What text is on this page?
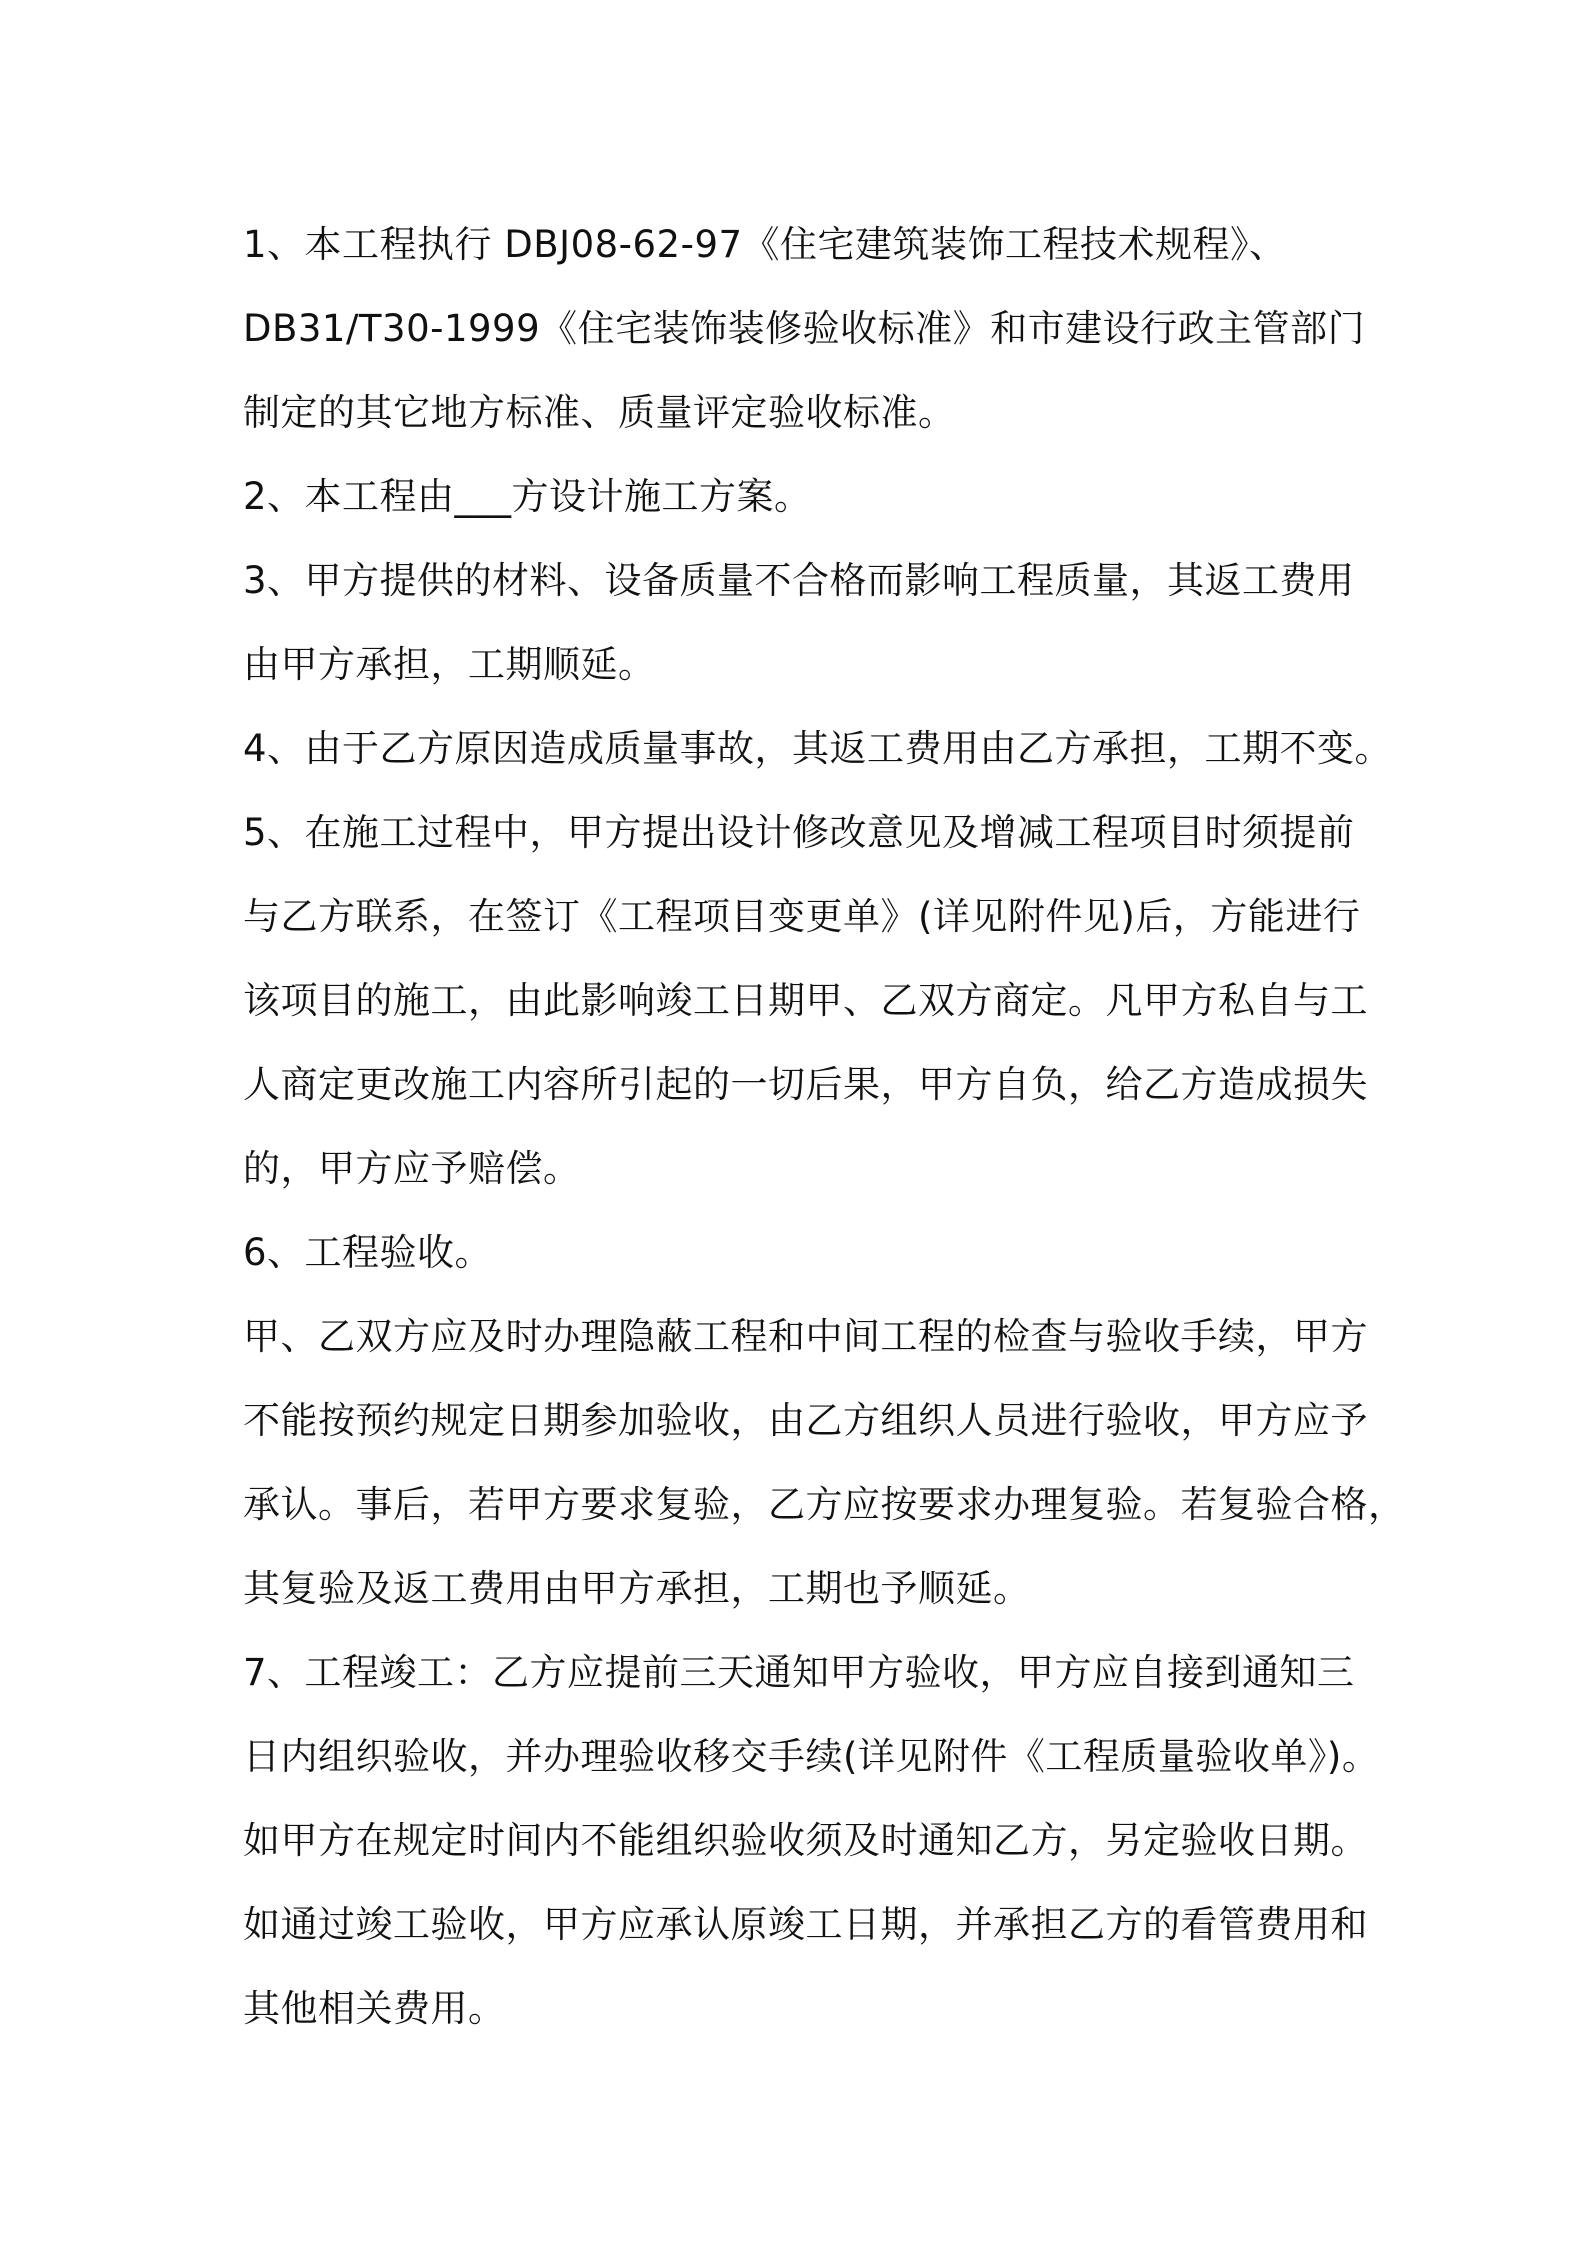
1、本工程执行 DBJ08-62-97《住宅建筑装饰工程技术规程》、
DB31/T30-1999《住宅装饰装修验收标准》和市建设行政主管部门
制定的其它地方标准、质量评定验收标准。
2、本工程由___方设计施工方案。
3、甲方提供的材料、设备质量不合格而影响工程质量，其返工费用
由甲方承担，工期顺延。
4、由于乙方原因造成质量事故，其返工费用由乙方承担，工期不变。
5、在施工过程中，甲方提出设计修改意见及增减工程项目时须提前
与乙方联系，在签订《工程项目变更单》(详见附件见)后，方能进行
该项目的施工，由此影响竣工日期甲、乙双方商定。凡甲方私自与工
人商定更改施工内容所引起的一切后果，甲方自负，给乙方造成损失
的，甲方应予赔偿。
6、工程验收。
甲、乙双方应及时办理隐蔽工程和中间工程的检查与验收手续，甲方
不能按预约规定日期参加验收，由乙方组织人员进行验收，甲方应予
承认。事后，若甲方要求复验，乙方应按要求办理复验。若复验合格，
其复验及返工费用由甲方承担，工期也予顺延。
7、工程竣工：乙方应提前三天通知甲方验收，甲方应自接到通知三
日内组织验收，并办理验收移交手续(详见附件《工程质量验收单》)。
如甲方在规定时间内不能组织验收须及时通知乙方，另定验收日期。
如通过竣工验收，甲方应承认原竣工日期，并承担乙方的看管费用和
其他相关费用。
